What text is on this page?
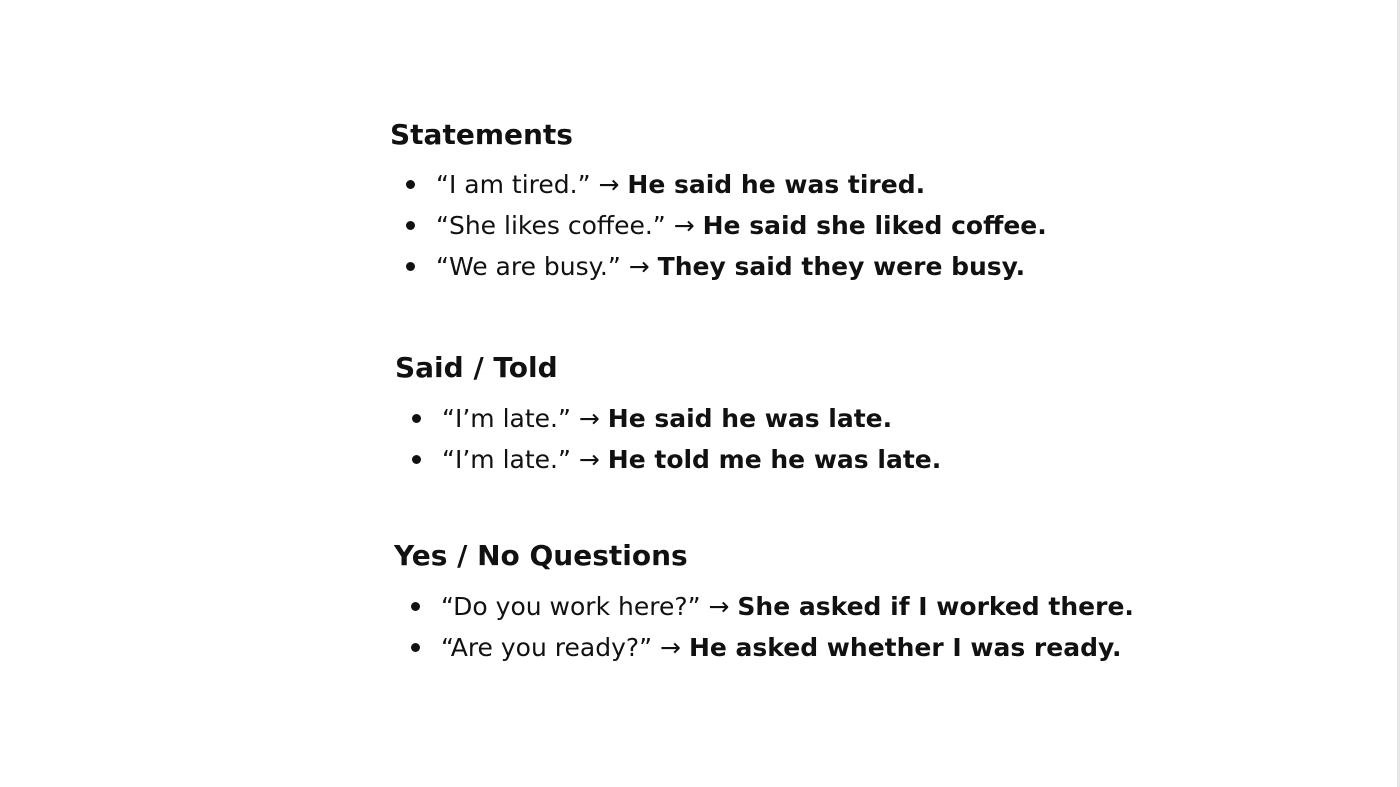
Statements
“I am tired.” → He said he was tired.
“She likes coffee.” → He said she liked coffee.
“We are busy.” → They said they were busy.
Said / Told
“I’m late.” → He said he was late.
“I’m late.” → He told me he was late.
Yes / No Questions
“Do you work here?” → She asked if I worked there.
“Are you ready?” → He asked whether I was ready.
